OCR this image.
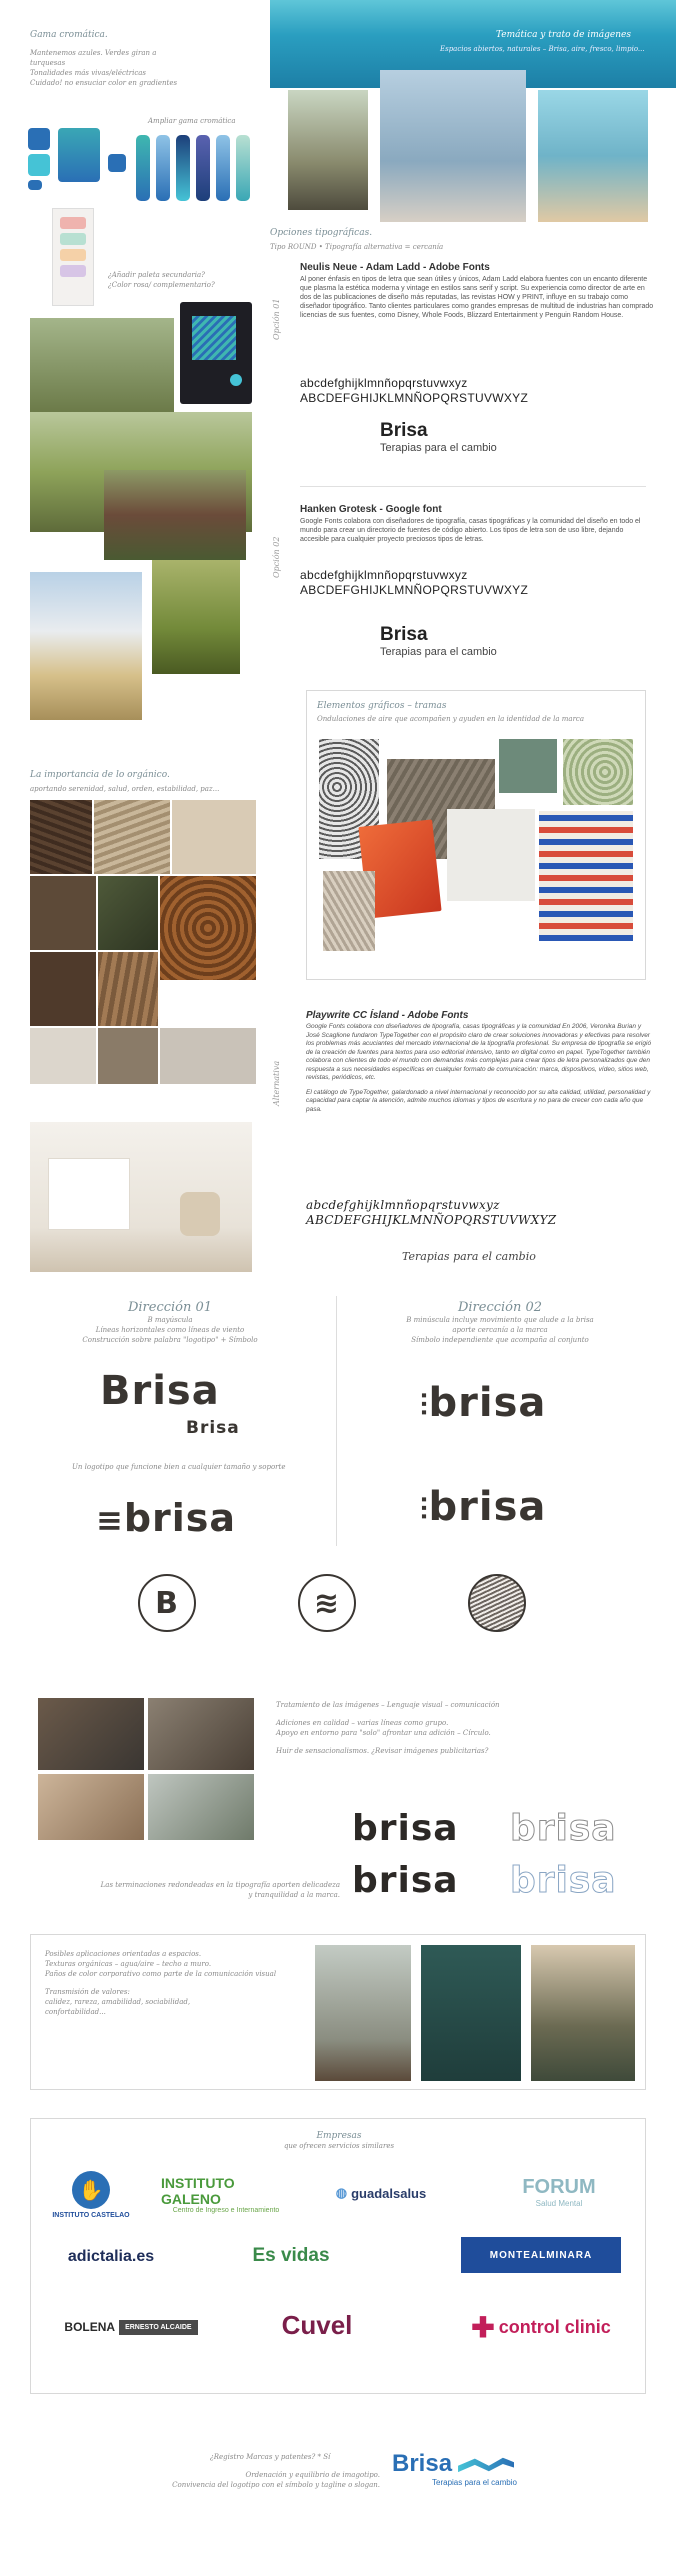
Gama cromática.
Mantenemos azules. Verdes giran a turquesas
Tonalidades más vivas/eléctricas
Cuidado! no ensuciar color en gradientes
Ampliar gama cromática
¿Añadir paleta secundaria?
¿Color rosa/ complementario?
Temática y trato de imágenes
Espacios abiertos, naturales – Brisa, aire, fresco, limpio...
Opciones tipográficas.
Tipo ROUND • Tipografía alternativa = cercanía
Opción 01
Neulis Neue - Adam Ladd - Adobe Fonts
Al poner énfasis en tipos de letra que sean útiles y únicos, Adam Ladd elabora fuentes con un encanto diferente que plasma la estética moderna y vintage en estilos sans serif y script. Su experiencia como director de arte en dos de las publicaciones de diseño más reputadas, las revistas HOW y PRINT, influye en su trabajo como diseñador tipográfico. Tanto clientes particulares como grandes empresas de multitud de industrias han comprado licencias de sus fuentes, como Disney, Whole Foods, Blizzard Entertainment y Penguin Random House.
abcdefghijklmnñopqrstuvwxyz
ABCDEFGHIJKLMNÑOPQRSTUVWXYZ
Brisa
Terapias para el cambio
Opción 02
Hanken Grotesk - Google font
Google Fonts colabora con diseñadores de tipografía, casas tipográficas y la comunidad del diseño en todo el mundo para crear un directorio de fuentes de código abierto. Los tipos de letra son de uso libre, dejando accesible para cualquier proyecto preciosos tipos de letras.
abcdefghijklmnñopqrstuvwxyz
ABCDEFGHIJKLMNÑOPQRSTUVWXYZ
Brisa
Terapias para el cambio
Elementos gráficos – tramas
Ondulaciones de aire que acompañen y ayuden en la identidad de la marca
La importancia de lo orgánico.
aportando serenidad, salud, orden, estabilidad, paz...
Alternativa
Playwrite CC Ísland - Adobe Fonts
Google Fonts colabora con diseñadores de tipografía, casas tipográficas y la comunidad En 2006, Veronika Burian y José Scaglione fundaron TypeTogether con el propósito claro de crear soluciones innovadoras y efectivas para resolver los problemas más acuciantes del mercado internacional de la tipografía profesional. Su empresa de tipografía se erigió de la creación de fuentes para textos para uso editorial intensivo, tanto en digital como en papel. TypeTogether también colabora con clientes de todo el mundo con demandas más complejas para crear tipos de letra personalizados que den respuesta a sus necesidades específicas en cualquier formato de comunicación: marca, dispositivos, vídeo, sitios web, revistas, periódicos, etc.
El catálogo de TypeTogether, galardonado a nivel internacional y reconocido por su alta calidad, utilidad, personalidad y capacidad para captar la atención, admite muchos idiomas y tipos de escritura y no para de crecer con cada año que pasa.
abcdefghijklmnñopqrstuvwxyz
ABCDEFGHIJKLMNÑOPQRSTUVWXYZ
Terapias para el cambio
Dirección 01
B mayúscula
Líneas horizontales como líneas de viento
Construcción sobre palabra "logotipo" + Símbolo
Brisa
Brisa
Un logotipo que funcione bien a cualquier tamaño y soporte
≡brisa
Dirección 02
B minúscula incluye movimiento que alude a la brisa
aporte cercanía a la marca
Símbolo independiente que acompaña al conjunto
⫶brisa
⫶brisa
B	≋
Tratamiento de las imágenes – Lenguaje visual – comunicación
Adiciones en calidad – varias líneas como grupo.
Apoyo en entorno para "solo" afrontar una adición – Círculo.
Huir de sensacionalismos. ¿Revisar imágenes publicitarias?
brisa
brisa
brisa
brisa
Las terminaciones redondeadas en la tipografía aporten delicadeza y tranquilidad a la marca.
Posibles aplicaciones orientadas a espacios.
Texturas orgánicas – agua/aire – techo a muro.
Paños de color corporativo como parte de la comunicación visual
Transmisión de valores:
calidez, rareza, amabilidad, sociabilidad,
confortabilidad...
Empresas
que ofrecen servicios similares
✋
INSTITUTO CASTELAO
INSTITUTO GALENO
Centro de Ingreso e Internamiento
◍ guadalsalus	FORUM
Salud Mental
adictalia.es	Es vidas	MONTEALMINARA
BOLENA	ERNESTO ALCAIDE	Cuvel	✚ control clinic
¿Registro Marcas y patentes? * Sí
Ordenación y equilibrio de imagotipo.
Convivencia del logotipo con el símbolo y tagline o slogan.
Brisa
Terapias para el cambio
